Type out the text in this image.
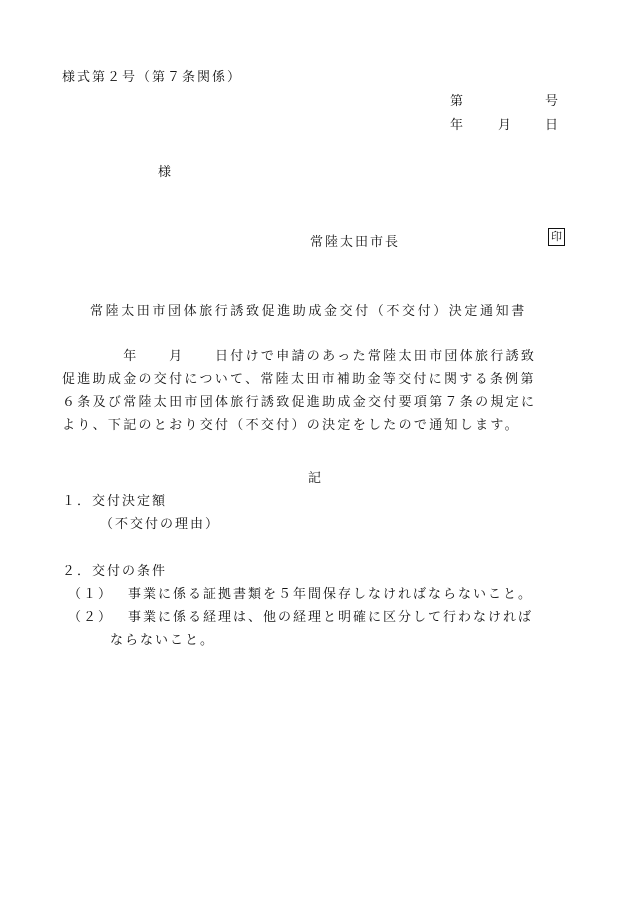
様式第２号（第７条関係）
第	号
年	月 日
様
常陸太田市長	印
常陸太田市団体旅行誘致促進助成金交付（不交付）決定通知書

　　　　年　　月　　日付けで申請のあった常陸太田市団体旅行誘致
促進助成金の交付について、常陸太田市補助金等交付に関する条例第
６条及び常陸太田市団体旅行誘致促進助成金交付要項第７条の規定に
より、下記のとおり交付（不交付）の決定をしたので通知します。

記
１．交付決定額
（不交付の理由）
２．交付の条件
（１） 事業に係る証拠書類を５年間保存しなければならないこと。
（２） 事業に係る経理は、他の経理と明確に区分して行わなければ
ならないこと。
